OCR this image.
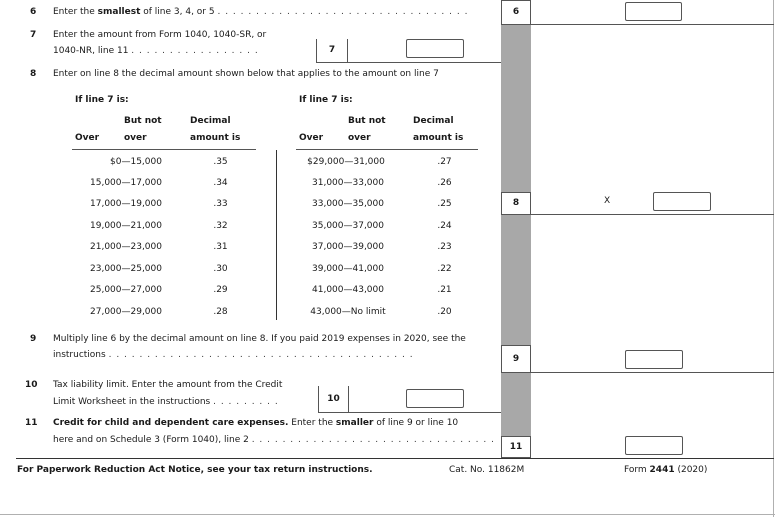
6 Enter the smallest of line 3, 4, or 5 . . . . . . . . . . . . . . . . . . . . . . . . . . . . . . . . .	6
7 Enter the amount from Form 1040, 1040-SR, or
1040-NR, line 11 . . . . . . . . . . . . . . . . .	7
8 Enter on line 8 the decimal amount shown below that applies to the amount on line 7
If line 7 is:
But not	Decimal
Over	over	amount is
$0—15,000	.35
15,000—17,000	.34
17,000—19,000	.33
19,000—21,000	.32
21,000—23,000	.31
23,000—25,000	.30
25,000—27,000	.29
27,000—29,000	.28
If line 7 is:
But not	Decimal
Over	over	amount is
$29,000—31,000	.27
31,000—33,000	.26
33,000—35,000	.25
35,000—37,000	.24
37,000—39,000	.23
39,000—41,000	.22
41,000—43,000	.21
43,000—No limit	.20
8	X
9 Multiply line 6 by the decimal amount on line 8. If you paid 2019 expenses in 2020, see the
instructions . . . . . . . . . . . . . . . . . . . . . . . . . . . . . . . . . . . . . . . .	9
10 Tax liability limit. Enter the amount from the Credit
Limit Worksheet in the instructions . . . . . . . . .	10
11 Credit for child and dependent care expenses. Enter the smaller of line 9 or line 10
here and on Schedule 3 (Form 1040), line 2 . . . . . . . . . . . . . . . . . . . . . . . . . . . . . . . .
11
For Paperwork Reduction Act Notice, see your tax return instructions.	Cat. No. 11862M	Form 2441 (2020)
